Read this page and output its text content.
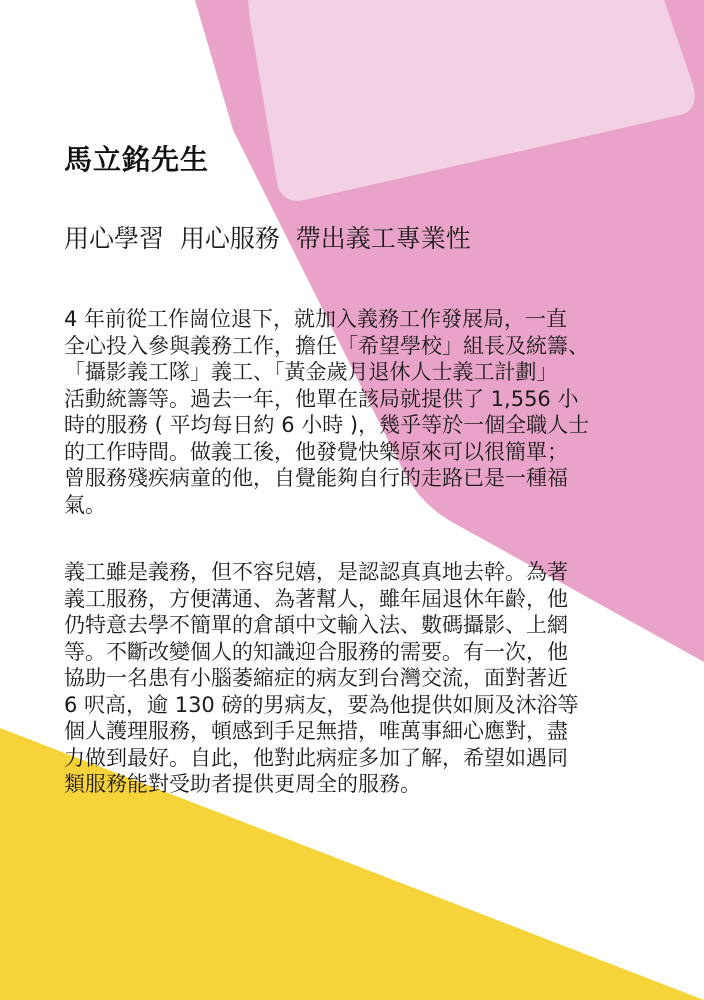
馬立銘先生
用心學習  用心服務  帶出義工專業性

4 年前從工作崗位退下，就加入義務工作發展局，一直
全心投入參與義務工作，擔任「希望學校」組長及統籌、
「攝影義工隊」義工、「黃金歲月退休人士義工計劃」
活動統籌等。過去一年，他單在該局就提供了 1,556 小
時的服務 ( 平均每日約 6 小時 )，幾乎等於一個全職人士
的工作時間。做義工後，他發覺快樂原來可以很簡單；
曾服務殘疾病童的他，自覺能夠自行的走路已是一種福
氣。

義工雖是義務，但不容兒嬉，是認認真真地去幹。為著
義工服務，方便溝通、為著幫人，雖年屆退休年齡，他
仍特意去學不簡單的倉頡中文輸入法、數碼攝影、上網
等。不斷改變個人的知識迎合服務的需要。有一次，他
協助一名患有小腦萎縮症的病友到台灣交流，面對著近
6 呎高，逾 130 磅的男病友，要為他提供如厠及沐浴等
個人護理服務，頓感到手足無措，唯萬事細心應對，盡
力做到最好。自此，他對此病症多加了解，希望如遇同
類服務能對受助者提供更周全的服務。
